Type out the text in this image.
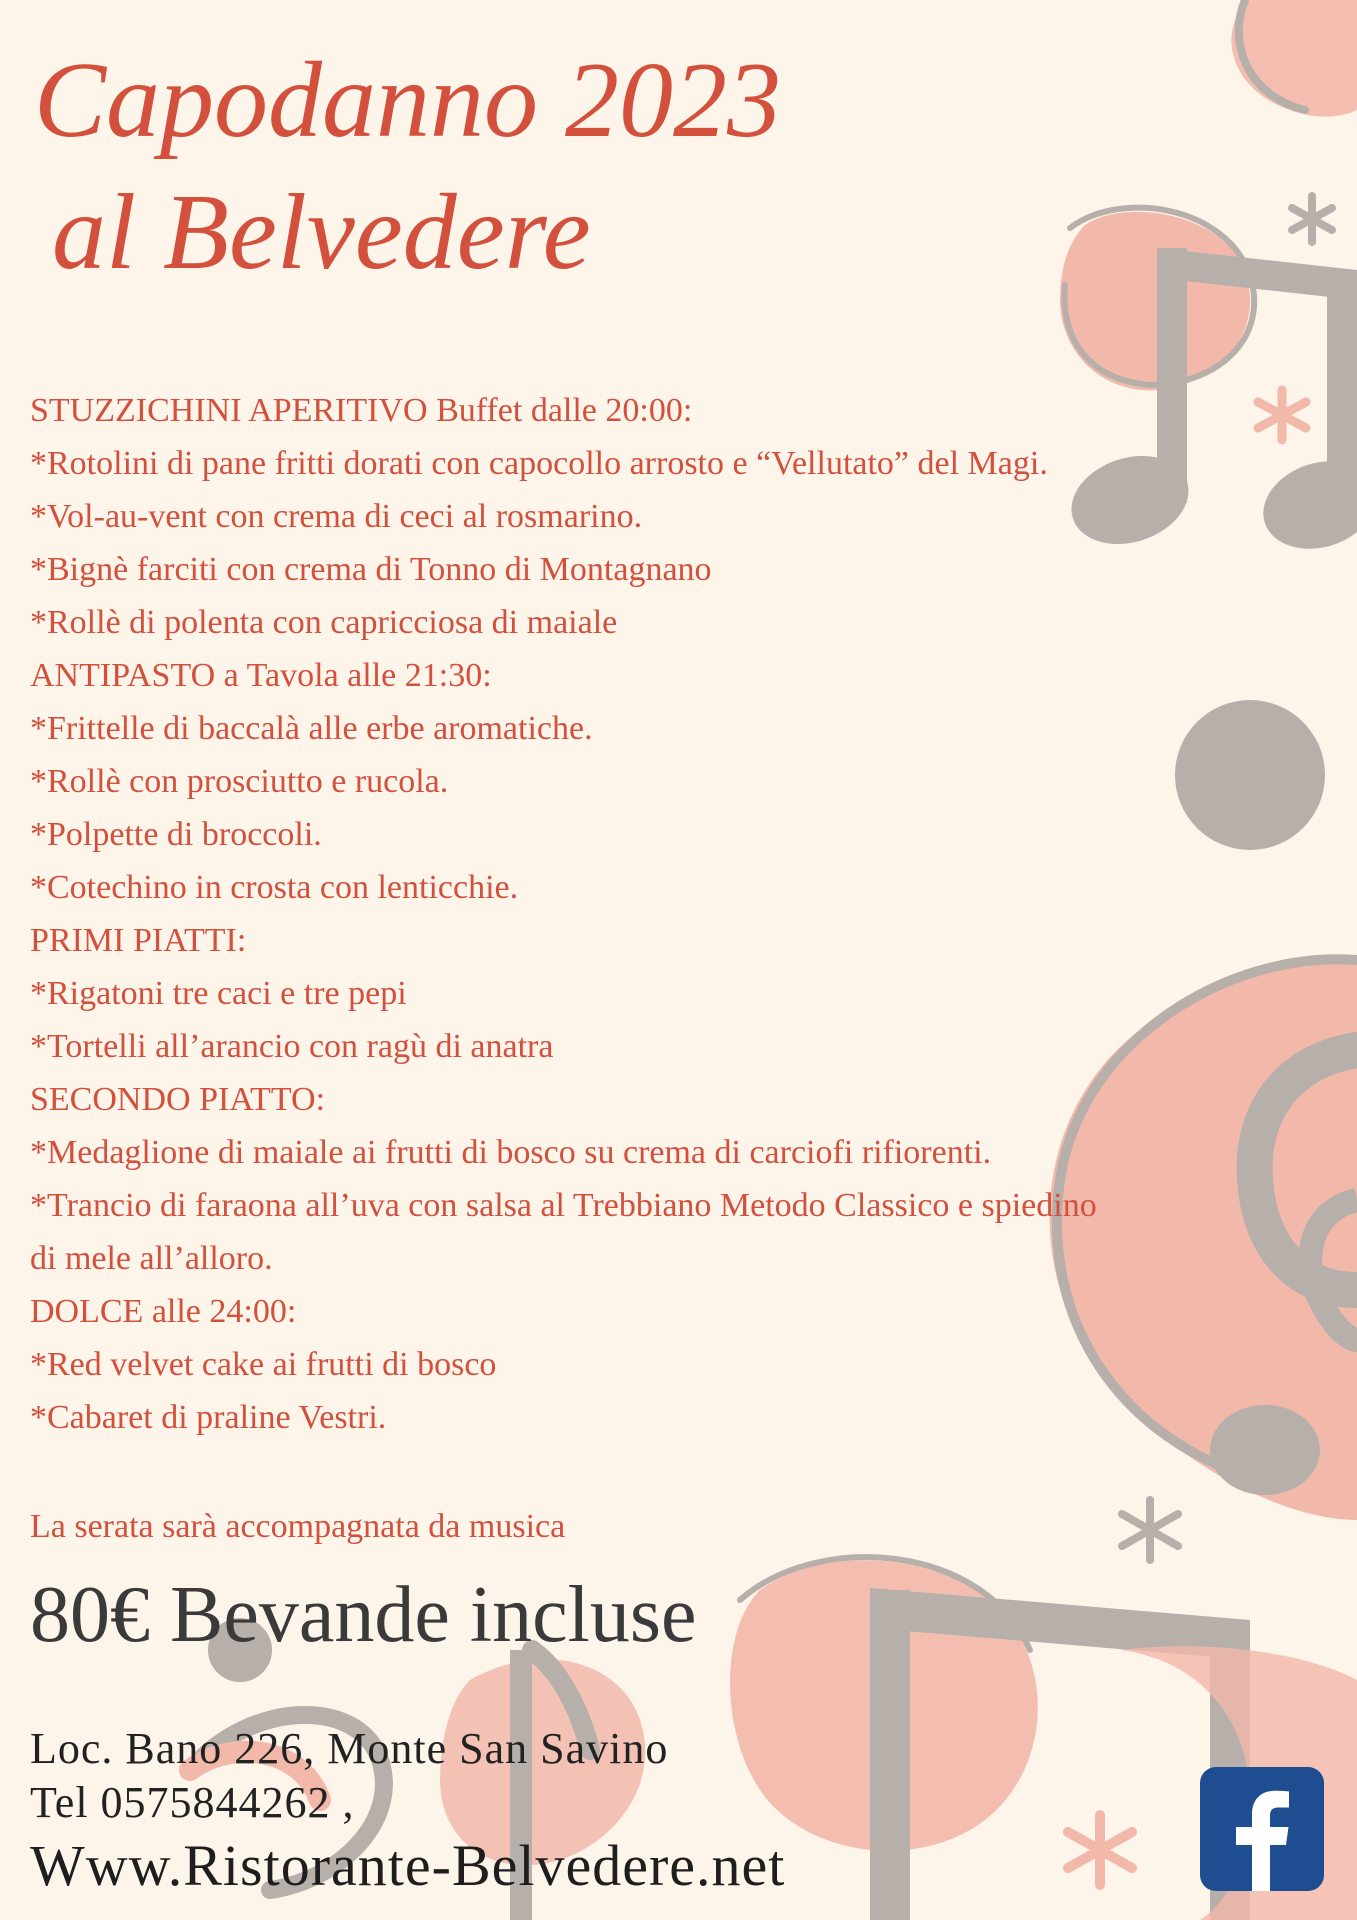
Capodanno 2023
al Belvedere
STUZZICHINI APERITIVO Buffet dalle 20:00:
*Rotolini di pane fritti dorati con capocollo arrosto e “Vellutato” del Magi.
*Vol-au-vent con crema di ceci al rosmarino.
*Bignè farciti con crema di Tonno di Montagnano
*Rollè di polenta con capricciosa di maiale
ANTIPASTO a Tavola alle 21:30:
*Frittelle di baccalà alle erbe aromatiche.
*Rollè con prosciutto e rucola.
*Polpette di broccoli.
*Cotechino in crosta con lenticchie.
PRIMI PIATTI:
*Rigatoni tre caci e tre pepi
*Tortelli all’arancio con ragù di anatra
SECONDO PIATTO:
*Medaglione di maiale ai frutti di bosco su crema di carciofi rifiorenti.
*Trancio di faraona all’uva con salsa al Trebbiano Metodo Classico e spiedino di mele all’alloro.
DOLCE alle 24:00:
*Red velvet cake ai frutti di bosco
*Cabaret di praline Vestri.
La serata sarà accompagnata da musica
80€ Bevande incluse
Loc. Bano 226, Monte San Savino
Tel 0575844262 ,
Www.Ristorante-Belvedere.net
